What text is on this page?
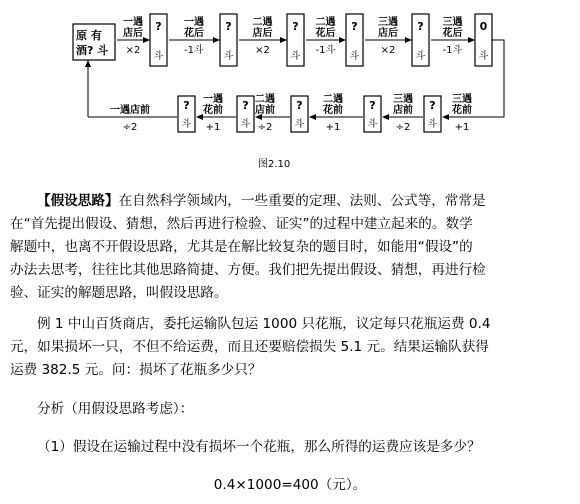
原 有
酒? 斗
?
斗
?
斗
?
斗
?
斗
?
斗
0
斗
一遇
店后
×2
一遇
花后
-1斗
二遇
店后
×2
二遇
花后
-1斗
三遇
店后
×2
三遇
花后
-1斗
?
斗
?
斗
?
斗
?
斗
?
斗
三遇
花前
+1
三遇
店前
÷2
二遇
花前
+1
二遇
店前
÷2
一遇
花前
+1
一遇店前
÷2
图2.10

【假设思路】在自然科学领域内，一些重要的定理、法则、公式等，常常是
在“首先提出假设、猜想，然后再进行检验、证实”的过程中建立起来的。数学
解题中，也离不开假设思路，尤其是在解比较复杂的题目时，如能用“假设”的
办法去思考，往往比其他思路简捷、方便。我们把先提出假设、猜想，再进行检
验、证实的解题思路，叫假设思路。

例 1 中山百货商店，委托运输队包运 1000 只花瓶，议定每只花瓶运费 0.4
元，如果损坏一只，不但不给运费，而且还要赔偿损失 5.1 元。结果运输队获得
运费 382.5 元。问：损坏了花瓶多少只？

分析（用假设思路考虑）：

（1）假设在运输过程中没有损坏一个花瓶，那么所得的运费应该是多少？

0.4×1000=400（元）。
